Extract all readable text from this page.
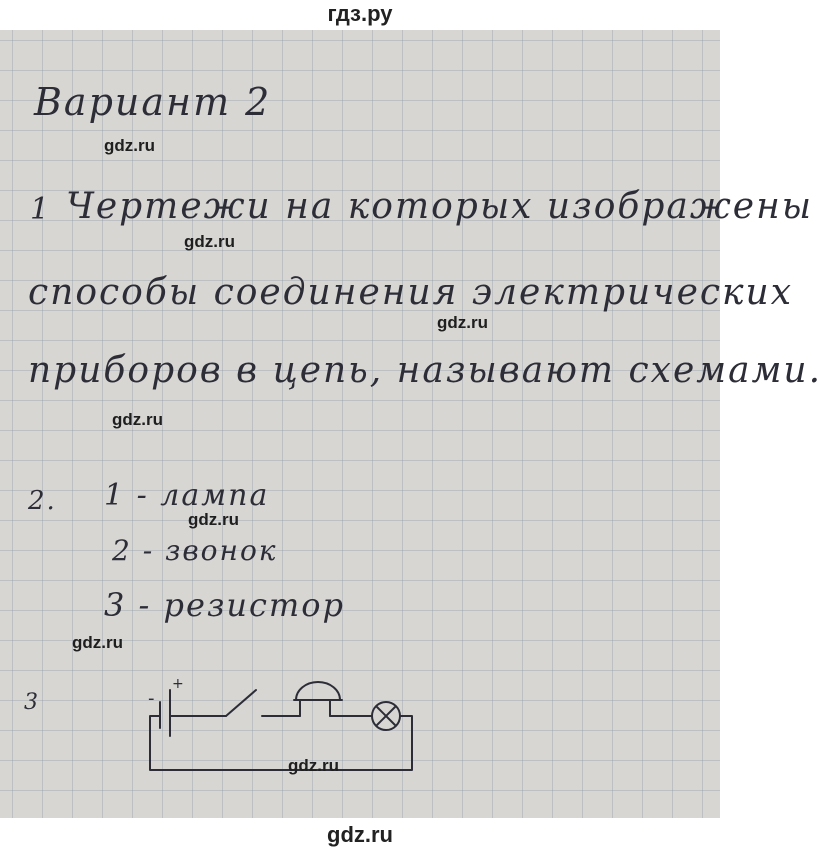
гдз.ру
Вариант 2
1 Чертежи на которых изображены
способы соединения электрических
приборов в цепь, называют схемами.
2. 1 - лампа
2 - звонок
3 - резистор
3	-
+
gdz.ru
gdz.ru
gdz.ru
gdz.ru
gdz.ru
gdz.ru
gdz.ru
gdz.ru
